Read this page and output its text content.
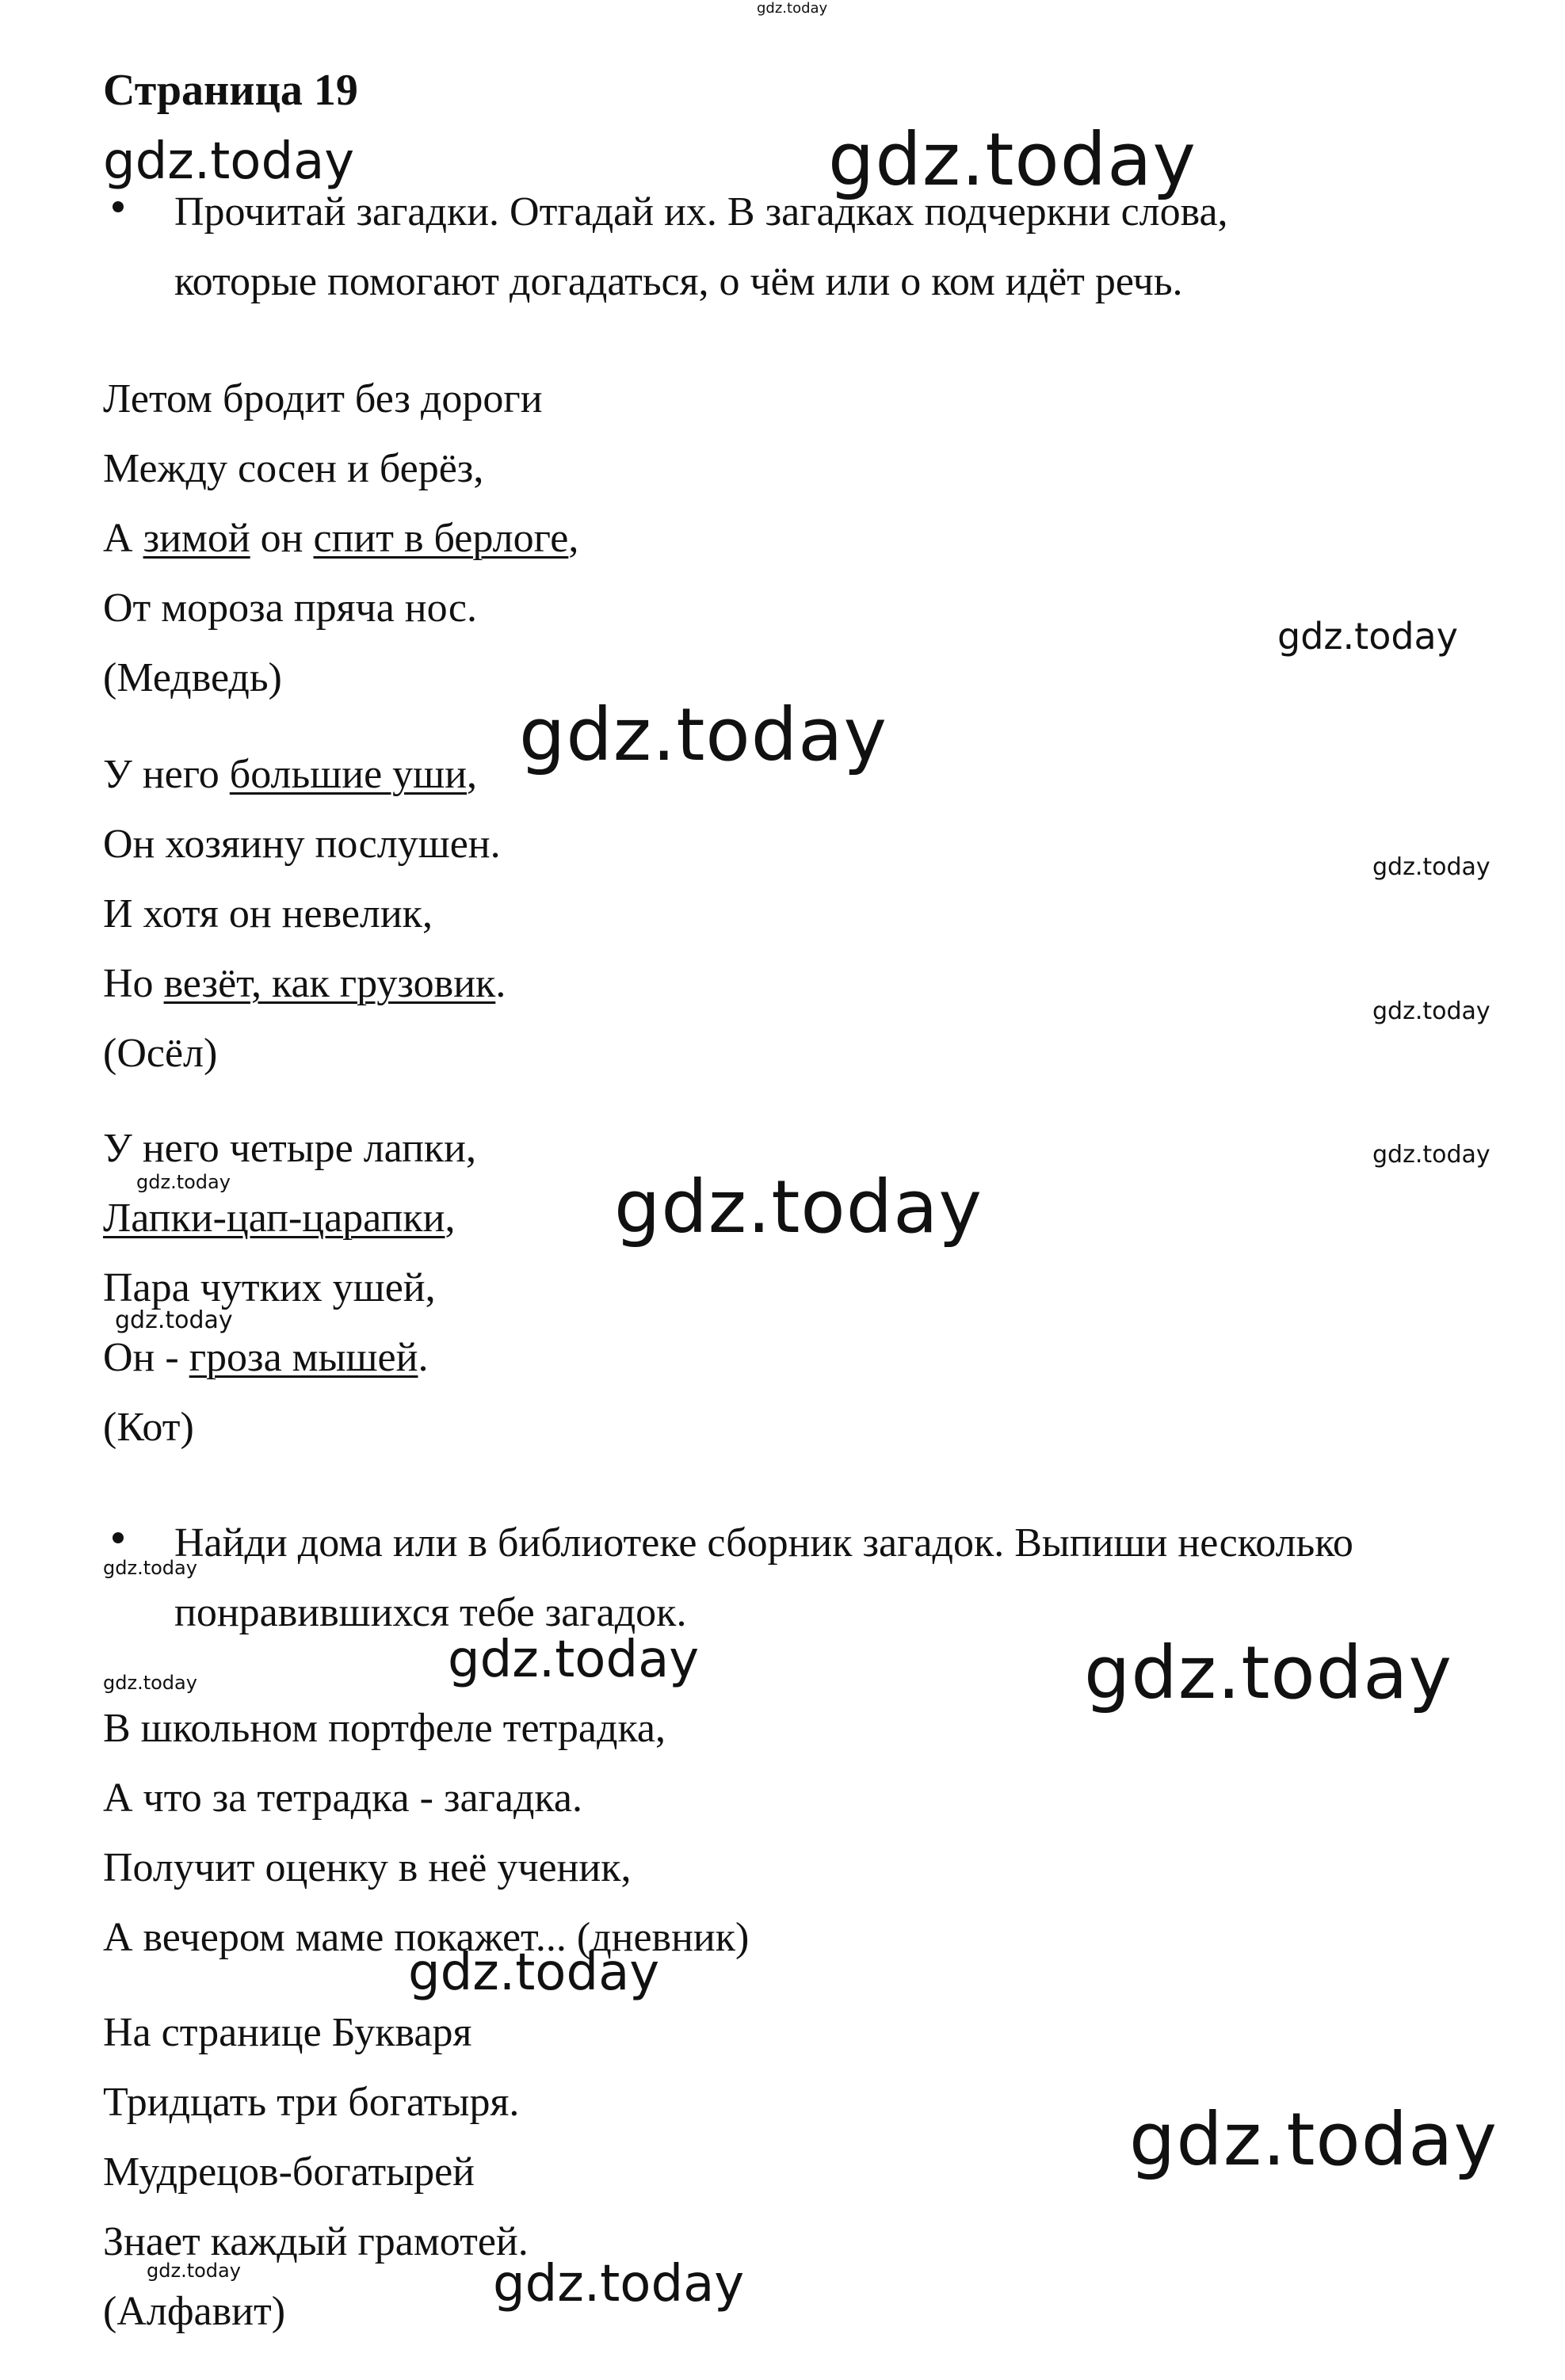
gdz.today
gdz.today	gdz.today
gdz.today
gdz.today
gdz.today
gdz.today
gdz.today
gdz.today	gdz.today
gdz.today
gdz.today
gdz.today	gdz.today
gdz.today
gdz.today
gdz.today
gdz.today
gdz.today
Страница 19
Прочитай загадки. Отгадай их. В загадках подчеркни слова,
которые помогают догадаться, о чём или о ком идёт речь.
Летом бродит без дороги
Между сосен и берёз,
А зимой он спит в берлоге,
От мороза пряча нос.
(Медведь)
У него большие уши,
Он хозяину послушен.
И хотя он невелик,
Но везёт, как грузовик.
(Осёл)
У него четыре лапки,
Лапки-цап-царапки,
Пара чутких ушей,
Он - гроза мышей.
(Кот)
Найди дома или в библиотеке сборник загадок. Выпиши несколько
понравившихся тебе загадок.
В школьном портфеле тетрадка,
А что за тетрадка - загадка.
Получит оценку в неё ученик,
А вечером маме покажет... (дневник)
На странице Букваря
Тридцать три богатыря.
Мудрецов-богатырей
Знает каждый грамотей.
(Алфавит)
